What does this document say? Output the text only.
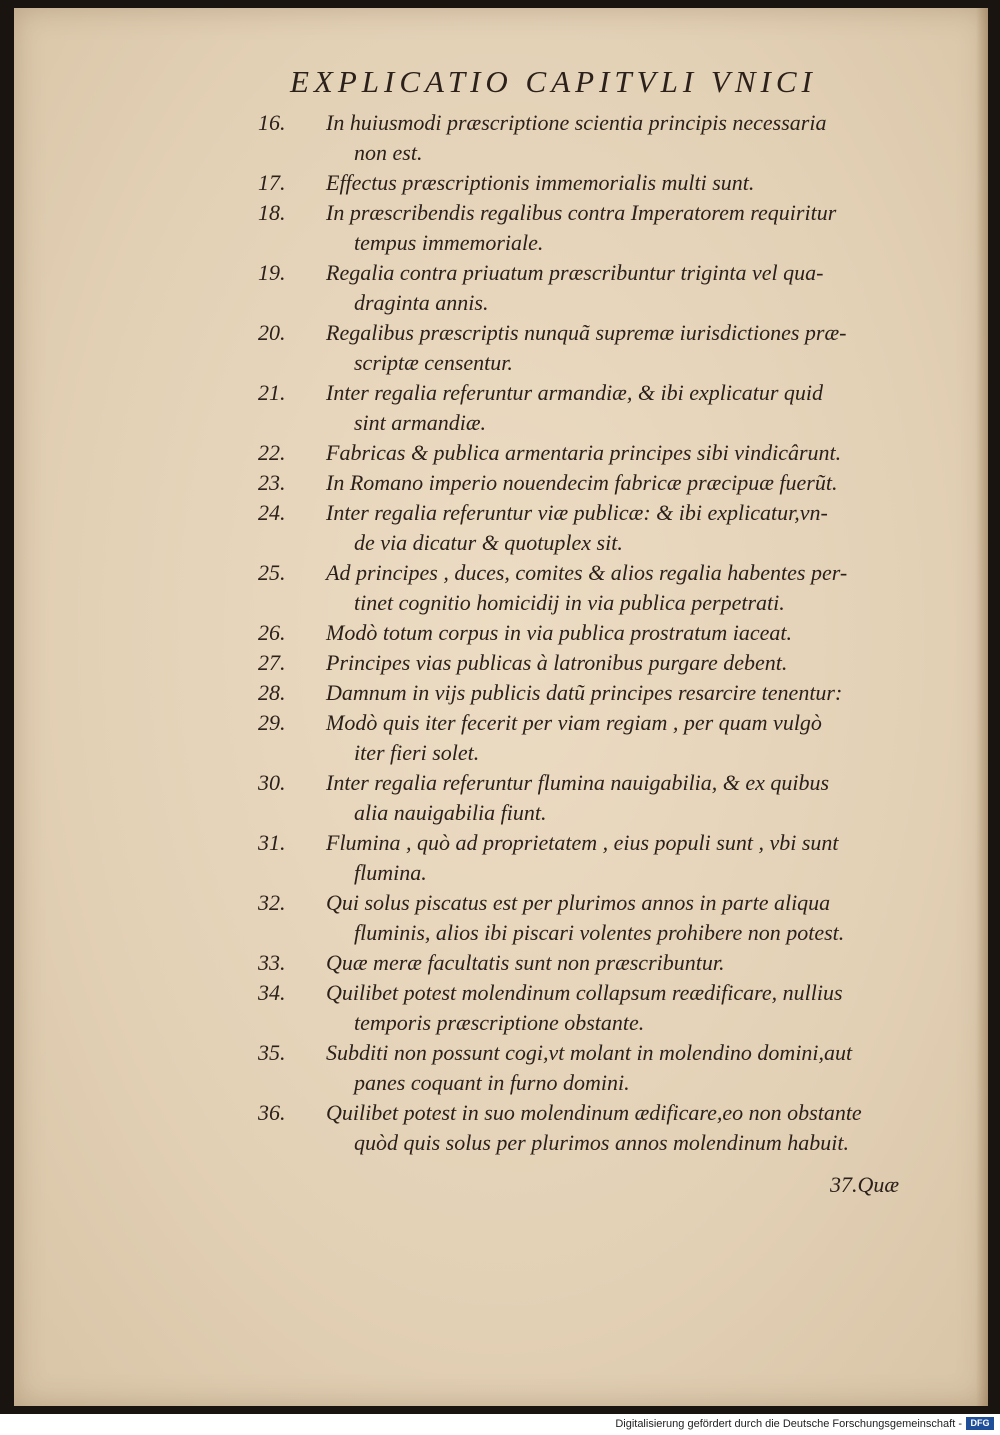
EXPLICATIO CAPITVLI VNICI
16.	In huiusmodi præscriptione scientia principis necessaria
non est.
17.	Effectus præscriptionis immemorialis multi sunt.
18.	In præscribendis regalibus contra Imperatorem requiritur
tempus immemoriale.
19.	Regalia contra priuatum præscribuntur triginta vel qua-
draginta annis.
20.	Regalibus præscriptis nunquã supremæ iurisdictiones præ-
scriptæ censentur.
21.	Inter regalia referuntur armandiæ, & ibi explicatur quid
sint armandiæ.
22.	Fabricas & publica armentaria principes sibi vindicârunt.
23.	In Romano imperio nouendecim fabricæ præcipuæ fuerũt.
24.	Inter regalia referuntur viæ publicæ: & ibi explicatur,vn-
de via dicatur & quotuplex sit.
25.	Ad principes , duces, comites & alios regalia habentes per-
tinet cognitio homicidij in via publica perpetrati.
26.	Modò totum corpus in via publica prostratum iaceat.
27.	Principes vias publicas à latronibus purgare debent.
28.	Damnum in vijs publicis datũ principes resarcire tenentur:
29.	Modò quis iter fecerit per viam regiam , per quam vulgò
iter fieri solet.
30.	Inter regalia referuntur flumina nauigabilia, & ex quibus
alia nauigabilia fiunt.
31.	Flumina , quò ad proprietatem , eius populi sunt , vbi sunt
flumina.
32.	Qui solus piscatus est per plurimos annos in parte aliqua
fluminis, alios ibi piscari volentes prohibere non potest.
33.	Quæ meræ facultatis sunt non præscribuntur.
34.	Quilibet potest molendinum collapsum reædificare, nullius
temporis præscriptione obstante.
35.	Subditi non possunt cogi,vt molant in molendino domini,aut
panes coquant in furno domini.
36.	Quilibet potest in suo molendinum ædificare,eo non obstante
quòd quis solus per plurimos annos molendinum habuit.
37.Quæ
Digitalisierung gefördert durch die Deutsche Forschungsgemeinschaft - DFG
